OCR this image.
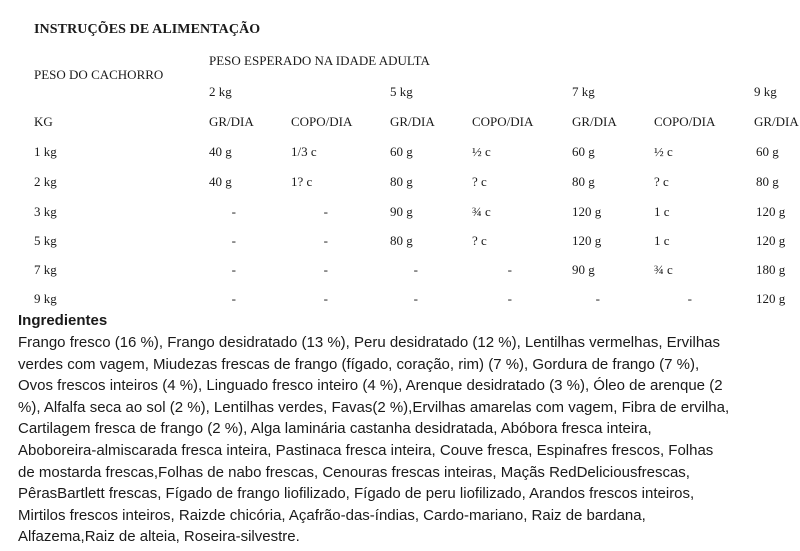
INSTRUÇÕES DE ALIMENTAÇÃO
PESO DO CACHORRO
PESO ESPERADO NA IDADE ADULTA
2 kg	5 kg	7 kg	9 kg
KG	GR/DIA	COPO/DIA	GR/DIA	COPO/DIA	GR/DIA	COPO/DIA	GR/DIA
1 kg	40 g	1/3 c	60 g	½ c	60 g	½ c	60 g
2 kg	40 g	1? c	80 g	? c	80 g	? c	80 g
3 kg	-	-	90 g	¾ c	120 g	1 c	120 g
5 kg	-	-	80 g	? c	120 g	1 c	120 g
7 kg	-	-	-	-	90 g	¾ c	180 g
9 kg	-	-	-	-	-	-	120 g
Ingredientes
Frango fresco (16 %), Frango desidratado (13 %), Peru desidratado (12 %), Lentilhas vermelhas, Ervilhas
verdes com vagem, Miudezas frescas de frango (fígado, coração, rim) (7 %), Gordura de frango (7 %),
Ovos frescos inteiros (4 %), Linguado fresco inteiro (4 %), Arenque desidratado (3 %), Óleo de arenque (2
%), Alfalfa seca ao sol (2 %), Lentilhas verdes, Favas(2 %),Ervilhas amarelas com vagem, Fibra de ervilha,
Cartilagem fresca de frango (2 %), Alga laminária castanha desidratada, Abóbora fresca inteira,
Aboboreira-almiscarada fresca inteira, Pastinaca fresca inteira, Couve fresca, Espinafres frescos, Folhas
de mostarda frescas,Folhas de nabo frescas, Cenouras frescas inteiras, Maçãs RedDeliciousfrescas,
PêrasBartlett frescas, Fígado de frango liofilizado, Fígado de peru liofilizado, Arandos frescos inteiros,
Mirtilos frescos inteiros, Raizde chicória, Açafrão-das-índias, Cardo-mariano, Raiz de bardana,
Alfazema,Raiz de alteia, Roseira-silvestre.
